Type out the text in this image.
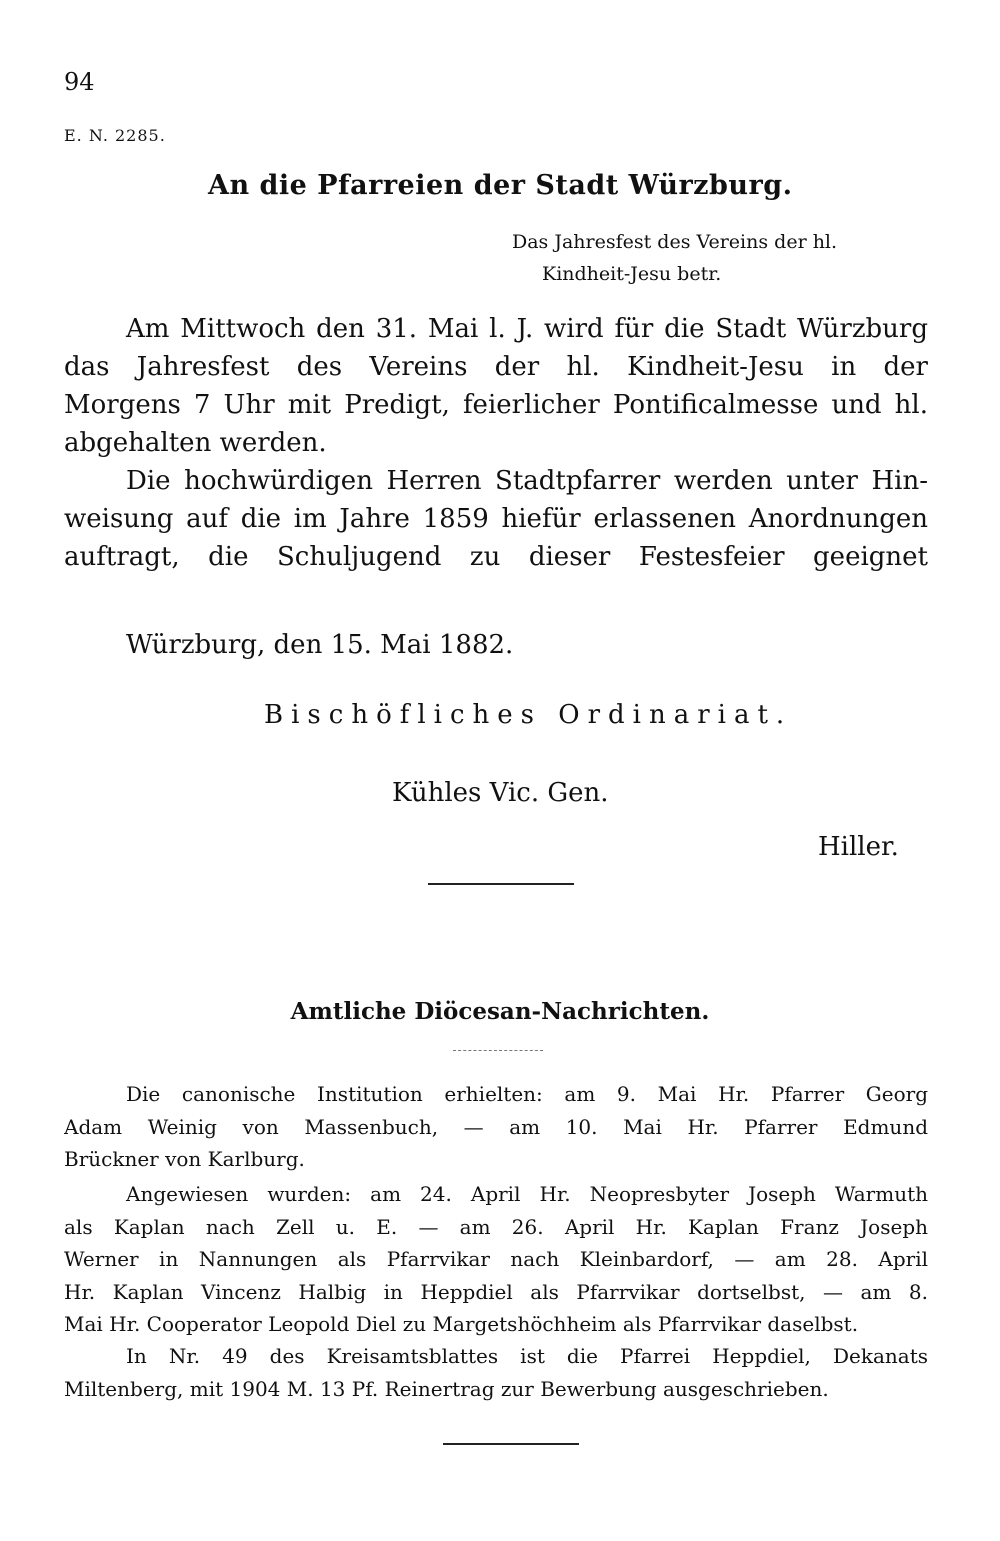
94
E. N. 2285.
An die Pfarreien der Stadt Würzburg.
Das Jahresfest des Vereins der hl.
Kindheit-Jesu betr.
Am Mittwoch den 31. Mai l. J. wird für die Stadt Würzburg
das Jahresfest des Vereins der hl. Kindheit-Jesu in der
Morgens 7 Uhr mit Predigt, feierlicher Pontificalmesse und hl.
abgehalten werden.
Die hochwürdigen Herren Stadtpfarrer werden unter Hin-
weisung auf die im Jahre 1859 hiefür erlassenen Anordnungen
auftragt, die Schuljugend zu dieser Festesfeier geeignet
Würzburg, den 15. Mai 1882.
Bischöfliches Ordinariat.
Kühles Vic. Gen.
Hiller.
Amtliche Diöcesan-Nachrichten.
Die canonische Institution erhielten: am 9. Mai Hr. Pfarrer Georg
Adam Weinig von Massenbuch, — am 10. Mai Hr. Pfarrer Edmund
Brückner von Karlburg.
Angewiesen wurden: am 24. April Hr. Neopresbyter Joseph Warmuth
als Kaplan nach Zell u. E. — am 26. April Hr. Kaplan Franz Joseph
Werner in Nannungen als Pfarrvikar nach Kleinbardorf, — am 28. April
Hr. Kaplan Vincenz Halbig in Heppdiel als Pfarrvikar dortselbst, — am 8.
Mai Hr. Cooperator Leopold Diel zu Margetshöchheim als Pfarrvikar daselbst.
In Nr. 49 des Kreisamtsblattes ist die Pfarrei Heppdiel, Dekanats
Miltenberg, mit 1904 M. 13 Pf. Reinertrag zur Bewerbung ausgeschrieben.
